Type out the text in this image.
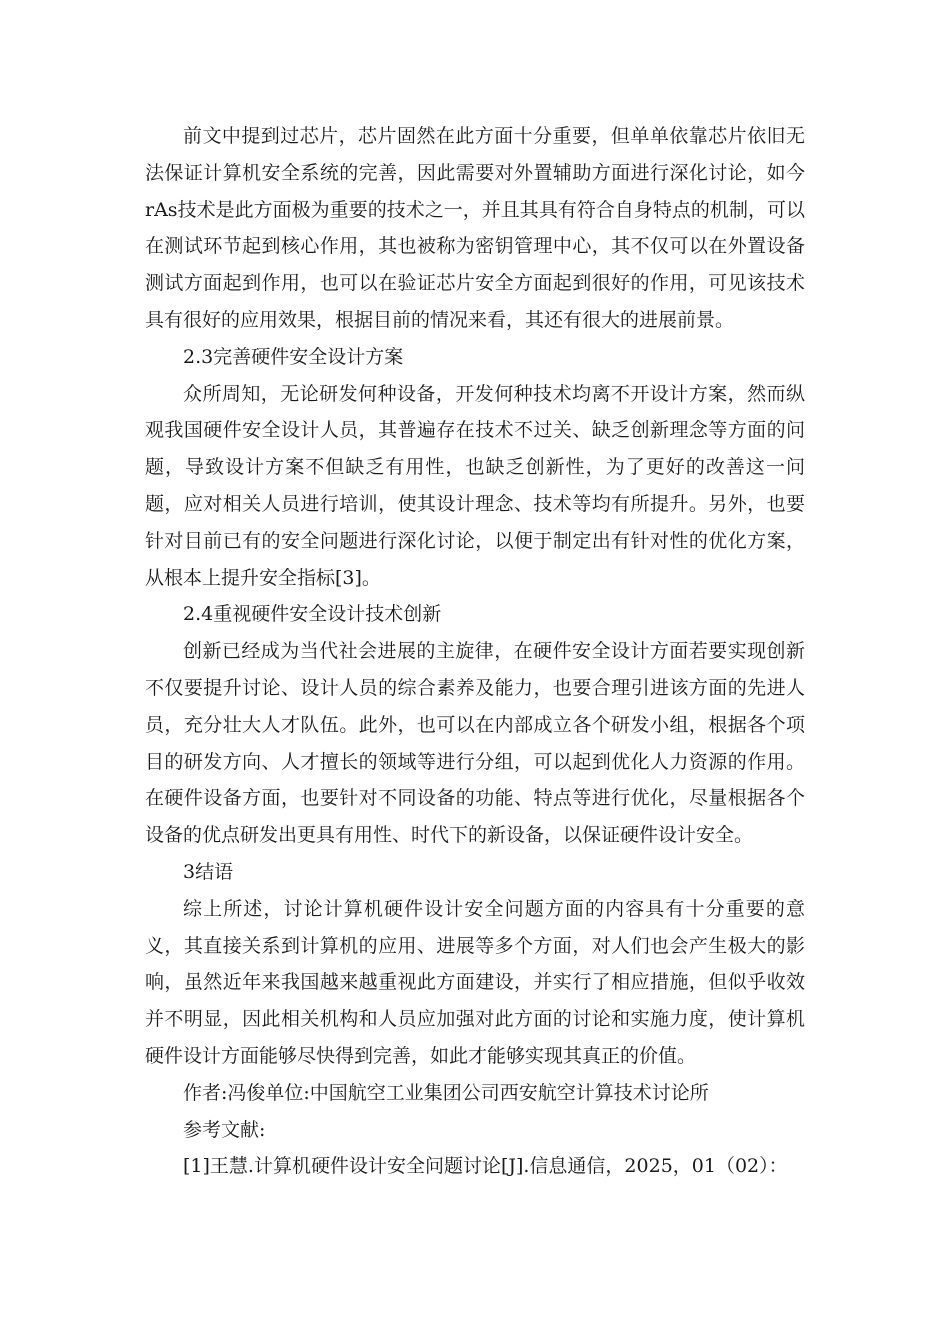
前文中提到过芯片，芯片固然在此方面十分重要，但单单依靠芯片依旧无法保证计算机安全系统的完善，因此需要对外置辅助方面进行深化讨论，如今rAs技术是此方面极为重要的技术之一，并且其具有符合自身特点的机制，可以在测试环节起到核心作用，其也被称为密钥管理中心，其不仅可以在外置设备测试方面起到作用，也可以在验证芯片安全方面起到很好的作用，可见该技术具有很好的应用效果，根据目前的情况来看，其还有很大的进展前景。

2.3完善硬件安全设计方案

众所周知，无论研发何种设备，开发何种技术均离不开设计方案，然而纵观我国硬件安全设计人员，其普遍存在技术不过关、缺乏创新理念等方面的问题，导致设计方案不但缺乏有用性，也缺乏创新性，为了更好的改善这一问题，应对相关人员进行培训，使其设计理念、技术等均有所提升。另外，也要针对目前已有的安全问题进行深化讨论，以便于制定出有针对性的优化方案，从根本上提升安全指标[3]。

2.4重视硬件安全设计技术创新

创新已经成为当代社会进展的主旋律，在硬件安全设计方面若要实现创新不仅要提升讨论、设计人员的综合素养及能力，也要合理引进该方面的先进人员，充分壮大人才队伍。此外，也可以在内部成立各个研发小组，根据各个项目的研发方向、人才擅长的领域等进行分组，可以起到优化人力资源的作用。在硬件设备方面，也要针对不同设备的功能、特点等进行优化，尽量根据各个设备的优点研发出更具有用性、时代下的新设备，以保证硬件设计安全。

3结语

综上所述，讨论计算机硬件设计安全问题方面的内容具有十分重要的意义，其直接关系到计算机的应用、进展等多个方面，对人们也会产生极大的影响，虽然近年来我国越来越重视此方面建设，并实行了相应措施，但似乎收效并不明显，因此相关机构和人员应加强对此方面的讨论和实施力度，使计算机硬件设计方面能够尽快得到完善，如此才能够实现其真正的价值。

作者:冯俊单位:中国航空工业集团公司西安航空计算技术讨论所

参考文献:

[1]王慧.计算机硬件设计安全问题讨论[J].信息通信，2025，01（02）：
